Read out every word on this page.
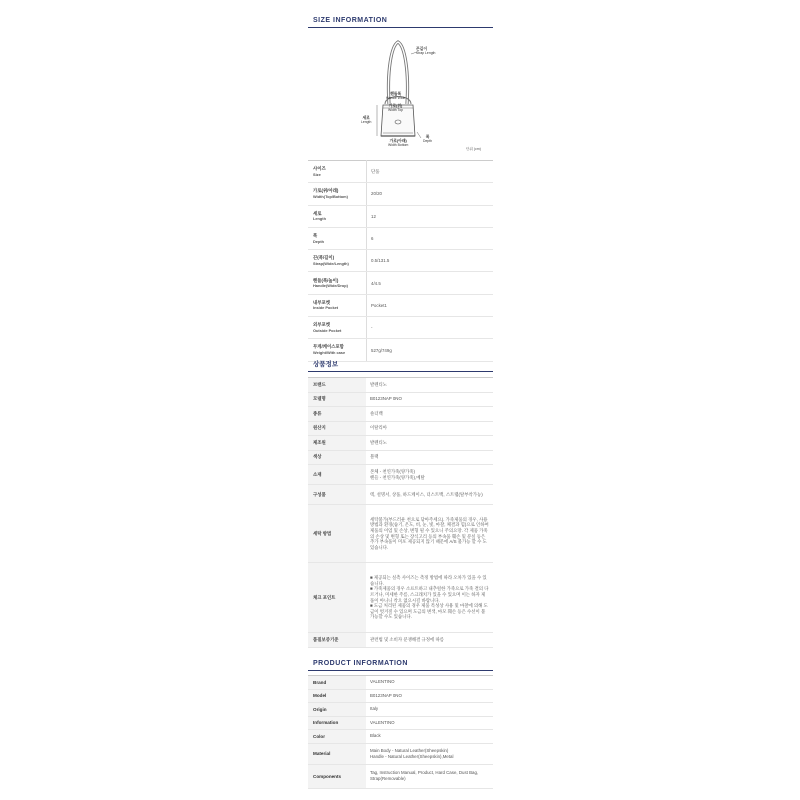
SIZE INFORMATION
끈길이
Strap Length
핸들폭
Handle Wide
가로(위)
Width Top
세로
Length
가로(아래)
Width Bottom
폭
Depth
단위 (cm)
사이즈
Size	단품
가로(위/아래)
Width(Top/Bottom)	20/20
세로
Length	12
폭
Depth	6
끈(폭/길이)
Strap(Wide/Length)	0.5/131.5
핸들(폭/높이)
Handle(Wide/Drop)	4/4.5
내부포켓
Inside Pocket	Pocket1
외부포켓
Outside Pocket	-
무게/케이스포함
Weight/With case	527g/749g
상품정보
브랜드	발렌티노
모델명	B0123NAP 0NO
종류	숄더백
원산지	이탈리아
제조원	발렌티노
색상	블랙
소재	본체 - 천연가죽(양가죽)
핸들 - 천연가죽(양가죽),메탈
구성품	텍, 설명서, 상품, 하드케이스, 더스트백, 스트랩(탈부착가능)
세탁 방법	세탁불가(부드러운 천으로 닦아주세요). 가죽제품의 경우, 사용방법과 환경(습기, 온도, 비, 눈, 빛, 마찰, 체결과 힘)으로 인하여 제품의 이염 및 손상, 변형 될 수 있으니 주의요망. 각 제품 가죽의 손상 및 변형 또는 장식고리 등의 부속품 훼손 및 분실 등은 추가 부속품이 미포 제공되지 않기 때문에 A/S 불가능 할 수 도 있습니다.
체크 포인트	■ 제공되는 실측 사이즈는 측정 방법에 따라 오차가 있을 수 있습니다.
■ 가죽제품의 경우 소프트하고 내추럴한 가죽으로 가죽 결의 다르거나, 미세한 주름, 스크래치가 있을 수 있으며 이는 하자 제품이 아니니 착오 없으시길 바랍니다.
■ 도금 처리된 제품의 경우 제품 특성상 사용 및 마찰에 의해 도금이 벗겨질 수 있으며 도금의 변색, 마모 훼손 등은 수선이 불가능할 수도 있습니다.
품질보증기준	관련법 및 소비자 분쟁해결 규정에 따름
PRODUCT INFORMATION
Brand	VALENTINO
Model	B0123NAP 0NO
Origin	Italy
Information	VALENTINO
Color	Black
Material	Main Body - Natural Leather(Sheepskin)
Handle - Natural Leather(Sheepskin),Metal
Components	Tag, Instruction Manual, Product, Hard Case, Dust Bag, Strap(Removable)
